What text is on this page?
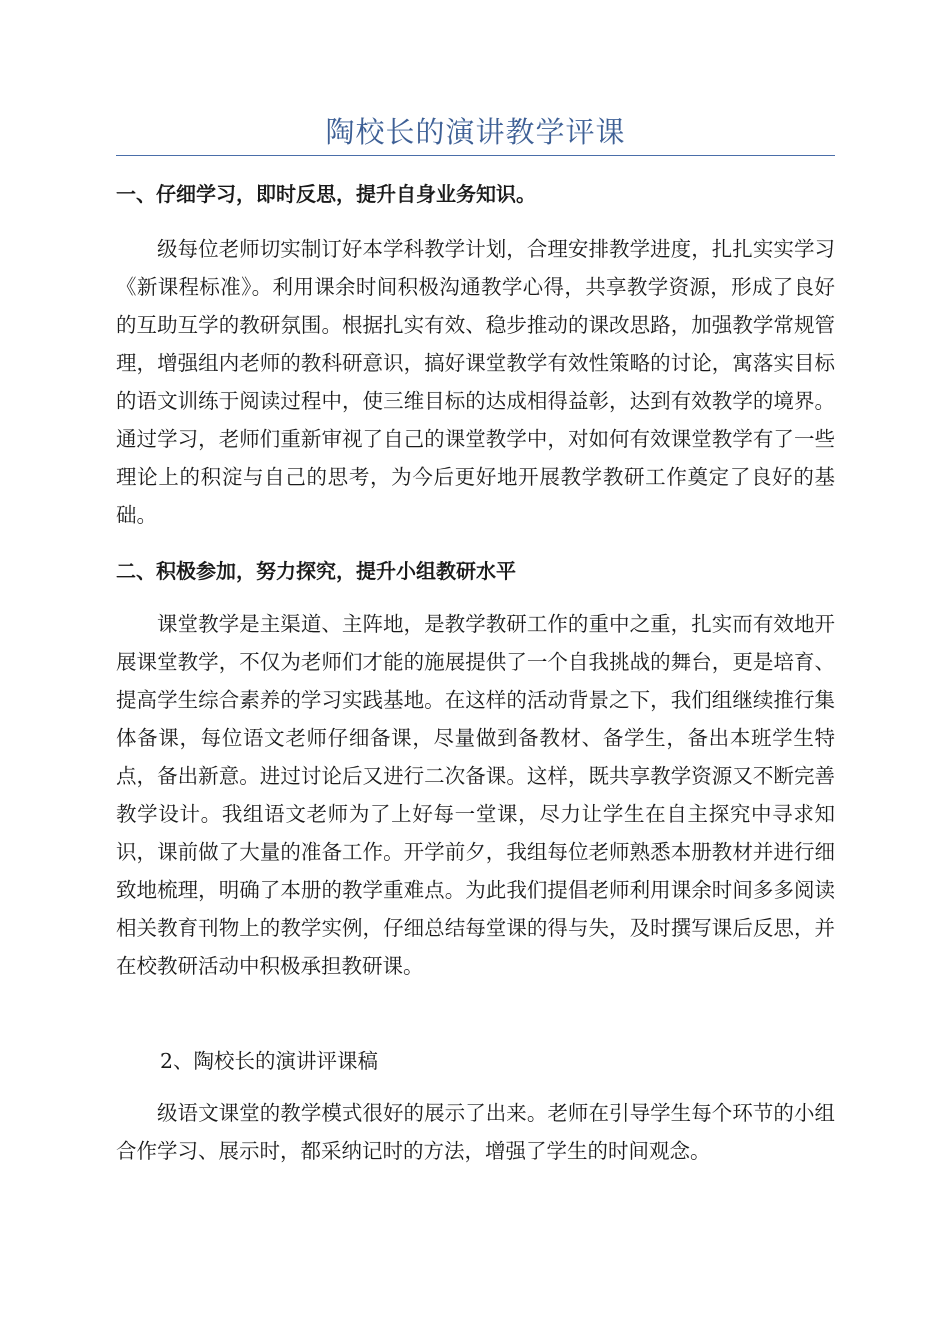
陶校长的演讲教学评课
一、仔细学习，即时反思，提升自身业务知识。
级每位老师切实制订好本学科教学计划，合理安排教学进度，扎扎实实学习《新课程标准》。利用课余时间积极沟通教学心得，共享教学资源，形成了良好的互助互学的教研氛围。根据扎实有效、稳步推动的课改思路，加强教学常规管理，增强组内老师的教科研意识，搞好课堂教学有效性策略的讨论，寓落实目标的语文训练于阅读过程中，使三维目标的达成相得益彰，达到有效教学的境界。通过学习，老师们重新审视了自己的课堂教学中，对如何有效课堂教学有了一些理论上的积淀与自己的思考，为今后更好地开展教学教研工作奠定了良好的基础。
二、积极参加，努力探究，提升小组教研水平
课堂教学是主渠道、主阵地，是教学教研工作的重中之重，扎实而有效地开展课堂教学，不仅为老师们才能的施展提供了一个自我挑战的舞台，更是培育、提高学生综合素养的学习实践基地。在这样的活动背景之下，我们组继续推行集体备课，每位语文老师仔细备课，尽量做到备教材、备学生，备出本班学生特点，备出新意。进过讨论后又进行二次备课。这样，既共享教学资源又不断完善教学设计。我组语文老师为了上好每一堂课，尽力让学生在自主探究中寻求知识，课前做了大量的准备工作。开学前夕，我组每位老师熟悉本册教材并进行细致地梳理，明确了本册的教学重难点。为此我们提倡老师利用课余时间多多阅读相关教育刊物上的教学实例，仔细总结每堂课的得与失，及时撰写课后反思，并在校教研活动中积极承担教研课。
2、陶校长的演讲评课稿
级语文课堂的教学模式很好的展示了出来。老师在引导学生每个环节的小组合作学习、展示时，都采纳记时的方法，增强了学生的时间观念。
